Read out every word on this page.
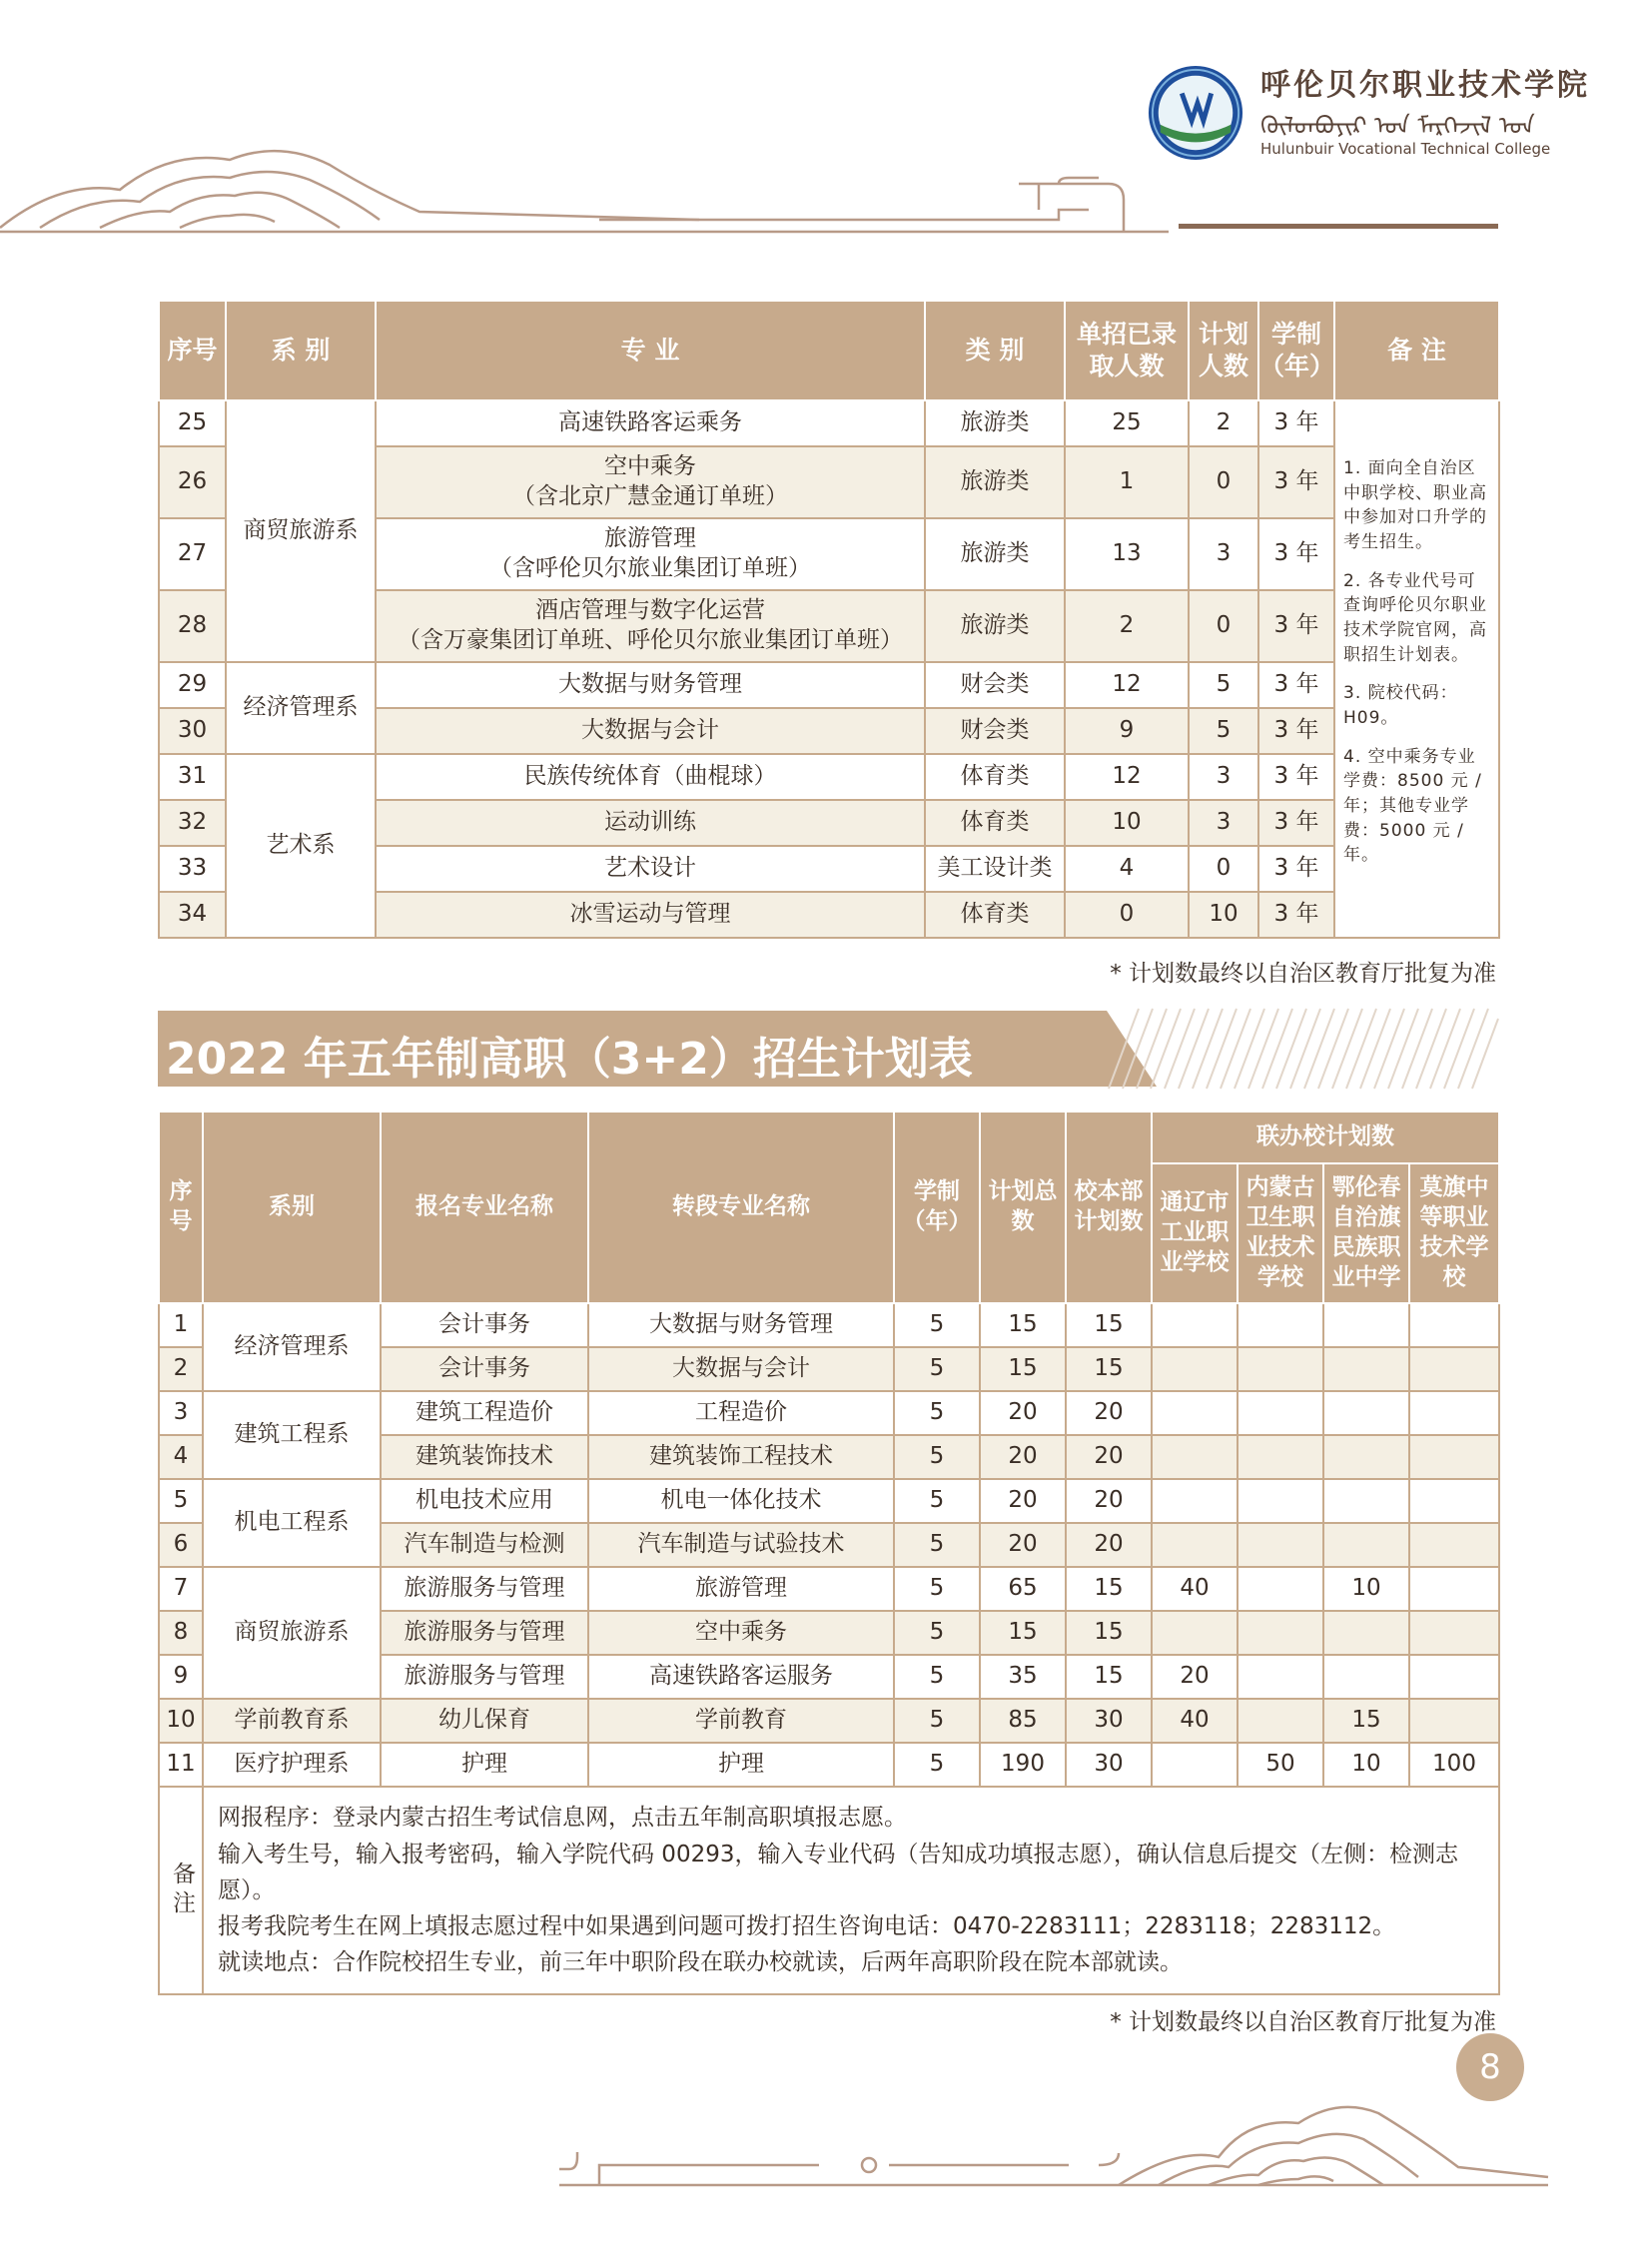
呼伦贝尔职业技术学院
ᠬᠥᠯᠦᠨᠪᠤᠶᠢᠷ ᠤᠨ ᠮᠡᠷᠭᠡᠵᠢᠯ ᠤᠨ
Hulunbuir Vocational Technical College
序号	系 别	专 业	类 别	单招已录取人数	计划人数	学制（年）	备 注
25	商贸旅游系	高速铁路客运乘务	旅游类	25	2	3 年	1. 面向全自治区中职学校、职业高中参加对口升学的考生招生。

2. 各专业代号可查询呼伦贝尔职业技术学院官网，高职招生计划表。

3. 院校代码：H09。

4. 空中乘务专业学费：8500 元 / 年；其他专业学费：5000 元 / 年。

26		空中乘务
（含北京广慧金通订单班）	旅游类	1	0	3 年	
27		旅游管理
（含呼伦贝尔旅业集团订单班）	旅游类	13	3	3 年	
28		酒店管理与数字化运营
（含万豪集团订单班、呼伦贝尔旅业集团订单班）	旅游类	2	0	3 年	
29	经济管理系	大数据与财务管理	财会类	12	5	3 年	
30		大数据与会计	财会类	9	5	3 年	
31	艺术系	民族传统体育（曲棍球）	体育类	12	3	3 年	
32		运动训练	体育类	10	3	3 年	
33		艺术设计	美工设计类	4	0	3 年	
34		冰雪运动与管理	体育类	0	10	3 年	
* 计划数最终以自治区教育厅批复为准
2022 年五年制高职（3+2）招生计划表
序号	系别	报名专业名称	转段专业名称	学制（年）	计划总数	校本部计划数	联办校计划数			
							通辽市工业职业学校	内蒙古卫生职业技术学校	鄂伦春自治旗民族职业中学	莫旗中等职业技术学校
1	经济管理系	会计事务	大数据与财务管理	5	15	15				
2		会计事务	大数据与会计	5	15	15				
3	建筑工程系	建筑工程造价	工程造价	5	20	20				
4		建筑装饰技术	建筑装饰工程技术	5	20	20				
5	机电工程系	机电技术应用	机电一体化技术	5	20	20				
6		汽车制造与检测	汽车制造与试验技术	5	20	20				
7	商贸旅游系	旅游服务与管理	旅游管理	5	65	15	40		10	
8		旅游服务与管理	空中乘务	5	15	15				
9		旅游服务与管理	高速铁路客运服务	5	35	15	20			
10	学前教育系	幼儿保育	学前教育	5	85	30	40		15	
11	医疗护理系	护理	护理	5	190	30		50	10	100
备注	网报程序：登录内蒙古招生考试信息网，点击五年制高职填报志愿。

输入考生号，输入报考密码，输入学院代码 00293，输入专业代码（告知成功填报志愿），确认信息后提交（左侧：检测志愿）。

报考我院考生在网上填报志愿过程中如果遇到问题可拨打招生咨询电话：0470-2283111；2283118；2283112。

就读地点：合作院校招生专业，前三年中职阶段在联办校就读，后两年高职阶段在院本部就读。									

* 计划数最终以自治区教育厅批复为准
8
